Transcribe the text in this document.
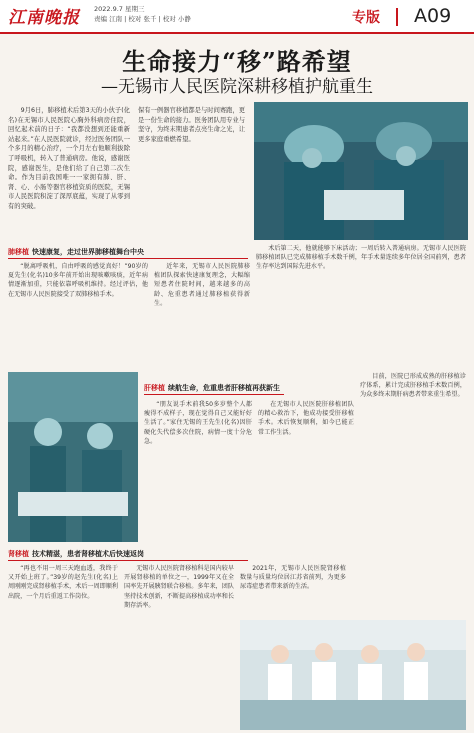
江南晚报 2022.9.7 星期三
责编 江南 | 校对 张千 | 校对 小静	专版 A09
生命接力“移”路希望
—无锡市人民医院深耕移植护航重生
9月6日，肺移植术后第3天的小伙子(化名)在无锡市人民医院心胸外科病房住院，回忆起术前的日子：“我都没想到还能重新站起来。”在人民医院就诊，经过医务团队一个多月的精心治疗，一个月左右他顺利拔除了呼吸机，转入了普通病房。他说，感谢医院，感谢医生，是他们给了自己第二次生命。作为目前我国唯一一家拥有肺、肝、肾、心、小肠等器官移植资质的医院，无锡市人民医院积淀了深厚底蕴，实现了从零到有的突破。
保有一例器官移植都是与时间赛跑，更是一份生命的接力。医务团队用专业与坚守，为终末期患者点亮生命之光，让更多家庭重燃希望。
肺移植 快速康复，走过世界肺移植舞台中央

“脱离呼吸机，自由呼吸的感觉真好！”90岁的夏先生(化名)10多年前开始出现咳嗽咳痰，近年病情逐渐加重，只能依靠呼吸机维持。经过评估，他在无锡市人民医院接受了双肺移植手术。

近年来，无锡市人民医院肺移植团队探索快速康复理念，大幅缩短患者住院时间，越来越多的高龄、危重患者通过肺移植获得新生。

术后第二天，他就能够下床活动；一周后转入普通病房。无锡市人民医院肺移植团队已完成肺移植手术数千例，年手术量连续多年位居全国前列，患者生存率达到国际先进水平。

肝移植 续航生命，危重患者肝移植再获新生

“朋友说手术前我50多岁整个人都瘦得不成样子，现在觉得自己又能好好生活了。”家住无锡的王先生(化名)因肝硬化失代偿多次住院，病情一度十分危急。

在无锡市人民医院肝移植团队的精心救治下，他成功接受肝移植手术。术后恢复顺利，如今已能正常工作生活。

目前，医院已形成成熟的肝移植诊疗体系，累计完成肝移植手术数百例，为众多终末期肝病患者带来重生希望。

肾移植 技术精湛，患者肾移植术后快速返岗

“再也不用一周三天跑血透，我终于又开始上班了。”39岁的赵先生(化名)上周刚刚完成肾移植手术，术后一周即顺利出院，一个月后重返工作岗位。

无锡市人民医院肾移植科是国内较早开展肾移植的单位之一，1999年又在全国率先开展胰肾联合移植。多年来，团队坚持技术创新，不断提高移植成功率和长期存活率。

2021年，无锡市人民医院肾移植数量与质量均位居江苏省前列，为更多尿毒症患者带来新的生活。
